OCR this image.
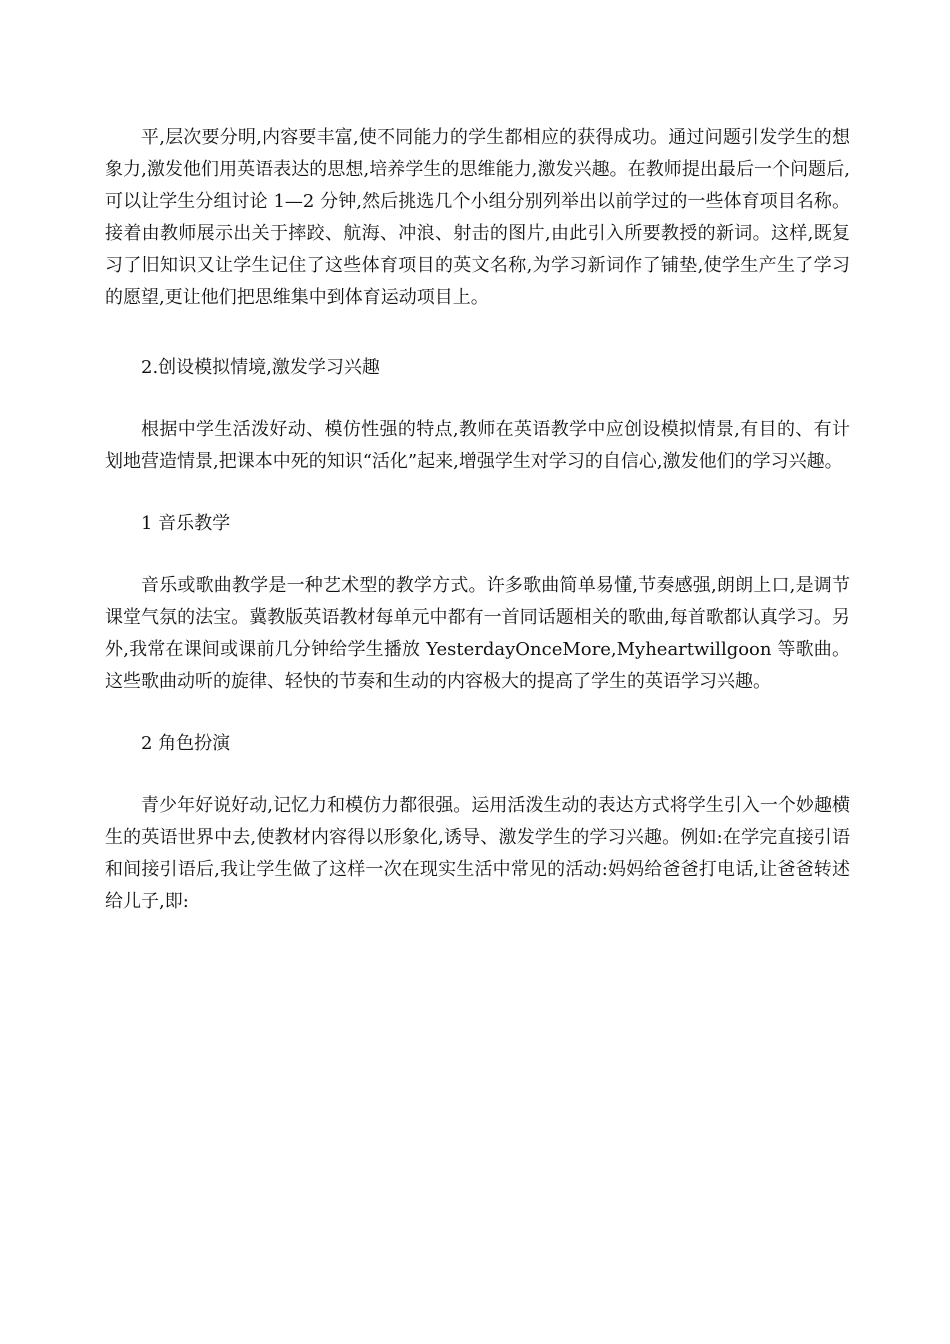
平,层次要分明,内容要丰富,使不同能力的学生都相应的获得成功。通过问题引发学生的想象力,激发他们用英语表达的思想,培养学生的思维能力,激发兴趣。在教师提出最后一个问题后,可以让学生分组讨论 1—2 分钟,然后挑选几个小组分别列举出以前学过的一些体育项目名称。接着由教师展示出关于摔跤、航海、冲浪、射击的图片,由此引入所要教授的新词。这样,既复习了旧知识又让学生记住了这些体育项目的英文名称,为学习新词作了铺垫,使学生产生了学习的愿望,更让他们把思维集中到体育运动项目上。

2.创设模拟情境,激发学习兴趣

根据中学生活泼好动、模仿性强的特点,教师在英语教学中应创设模拟情景,有目的、有计划地营造情景,把课本中死的知识“活化”起来,增强学生对学习的自信心,激发他们的学习兴趣。

1 音乐教学

音乐或歌曲教学是一种艺术型的教学方式。许多歌曲简单易懂,节奏感强,朗朗上口,是调节课堂气氛的法宝。冀教版英语教材每单元中都有一首同话题相关的歌曲,每首歌都认真学习。另外,我常在课间或课前几分钟给学生播放 YesterdayOnceMore,Myheartwillgoon 等歌曲。这些歌曲动听的旋律、轻快的节奏和生动的内容极大的提高了学生的英语学习兴趣。

2 角色扮演

青少年好说好动,记忆力和模仿力都很强。运用活泼生动的表达方式将学生引入一个妙趣横生的英语世界中去,使教材内容得以形象化,诱导、激发学生的学习兴趣。例如:在学完直接引语和间接引语后,我让学生做了这样一次在现实生活中常见的活动:妈妈给爸爸打电话,让爸爸转述给儿子,即:
